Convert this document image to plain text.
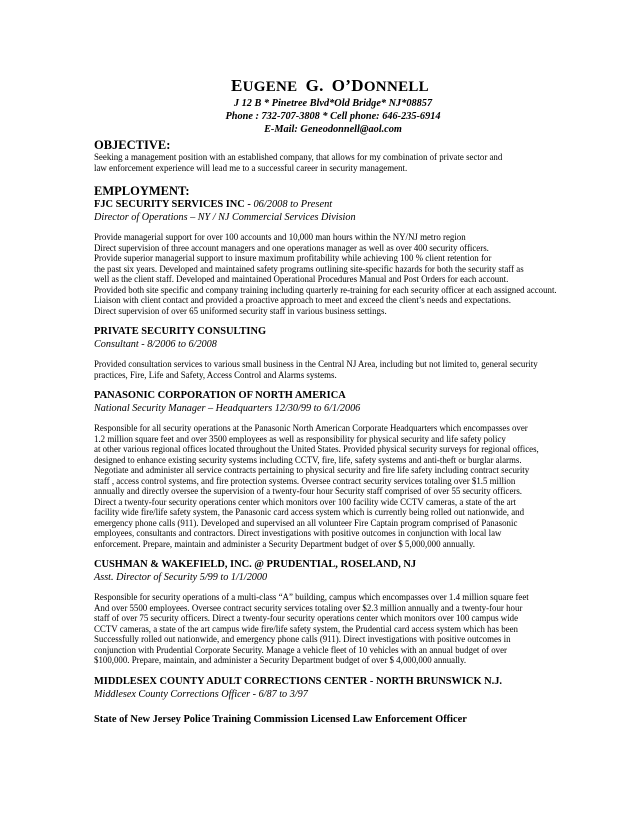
EUGENE G. O’DONNELL
J 12 B * Pinetree Blvd*Old Bridge* NJ*08857
Phone : 732-707-3808 * Cell phone: 646-235-6914
E-Mail: Geneodonnell@aol.com
OBJECTIVE:

Seeking a management position with an established company, that allows for my combination of private sector and
law enforcement experience will lead me to a successful career in security management.

EMPLOYMENT:
FJC SECURITY SERVICES INC - 06/2008 to Present
Director of Operations – NY / NJ Commercial Services Division

Provide managerial support for over 100 accounts and 10,000 man hours within the NY/NJ metro region
Direct supervision of three account managers and one operations manager as well as over 400 security officers.
Provide superior managerial support to insure maximum profitability while achieving 100 % client retention for
the past six years. Developed and maintained safety programs outlining site-specific hazards for both the security staff as
well as the client staff. Developed and maintained Operational Procedures Manual and Post Orders for each account.
Provided both site specific and company training including quarterly re-training for each security officer at each assigned account.
Liaison with client contact and provided a proactive approach to meet and exceed the client’s needs and expectations.
Direct supervision of over 65 uniformed security staff in various business settings.

PRIVATE SECURITY CONSULTING
Consultant - 8/2006 to 6/2008

Provided consultation services to various small business in the Central NJ Area, including but not limited to, general security
practices, Fire, Life and Safety, Access Control and Alarms systems.

PANASONIC CORPORATION OF NORTH AMERICA
National Security Manager – Headquarters 12/30/99 to 6/1/2006

Responsible for all security operations at the Panasonic North American Corporate Headquarters which encompasses over
1.2 million square feet and over 3500 employees as well as responsibility for physical security and life safety policy
at other various regional offices located throughout the United States. Provided physical security surveys for regional offices,
designed to enhance existing security systems including CCTV, fire, life, safety systems and anti-theft or burglar alarms.
Negotiate and administer all service contracts pertaining to physical security and fire life safety including contract security
staff , access control systems, and fire protection systems. Oversee contract security services totaling over $1.5 million
annually and directly oversee the supervision of a twenty-four hour Security staff comprised of over 55 security officers.
Direct a twenty-four security operations center which monitors over 100 facility wide CCTV cameras, a state of the art
facility wide fire/life safety system, the Panasonic card access system which is currently being rolled out nationwide, and
emergency phone calls (911). Developed and supervised an all volunteer Fire Captain program comprised of Panasonic
employees, consultants and contractors. Direct investigations with positive outcomes in conjunction with local law
enforcement. Prepare, maintain and administer a Security Department budget of over $ 5,000,000 annually.

CUSHMAN & WAKEFIELD, INC. @ PRUDENTIAL, ROSELAND, NJ
Asst. Director of Security 5/99 to 1/1/2000

Responsible for security operations of a multi-class “A” building, campus which encompasses over 1.4 million square feet
And over 5500 employees. Oversee contract security services totaling over $2.3 million annually and a twenty-four hour
staff of over 75 security officers. Direct a twenty-four security operations center which monitors over 100 campus wide
CCTV cameras, a state of the art campus wide fire/life safety system, the Prudential card access system which has been
Successfully rolled out nationwide, and emergency phone calls (911). Direct investigations with positive outcomes in
conjunction with Prudential Corporate Security. Manage a vehicle fleet of 10 vehicles with an annual budget of over
$100,000. Prepare, maintain, and administer a Security Department budget of over $ 4,000,000 annually.

MIDDLESEX COUNTY ADULT CORRECTIONS CENTER - NORTH BRUNSWICK N.J.
Middlesex County Corrections Officer - 6/87 to 3/97
State of New Jersey Police Training Commission Licensed Law Enforcement Officer
